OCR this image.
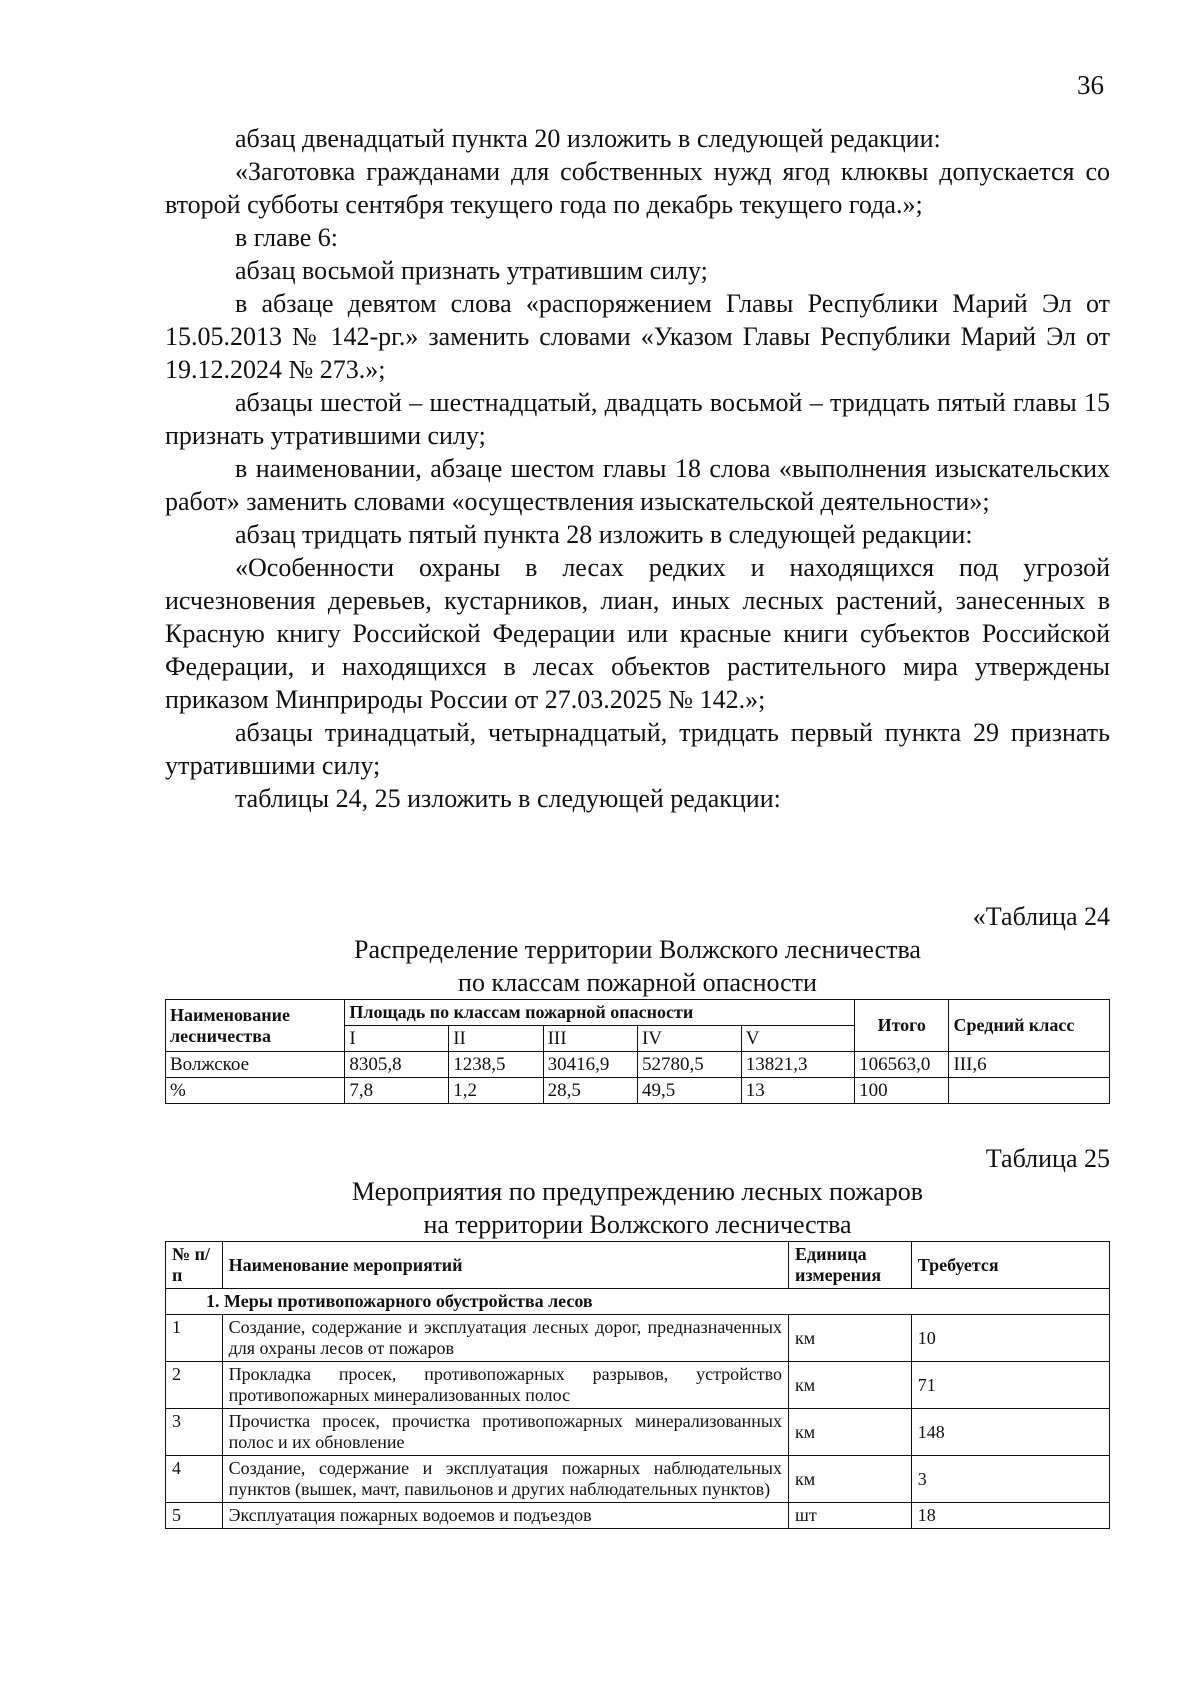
36

абзац двенадцатый пункта 20 изложить в следующей редакции:

«Заготовка гражданами для собственных нужд ягод клюквы допускается со второй субботы сентября текущего года по декабрь текущего года.»;

в главе 6:

абзац восьмой признать утратившим силу;

в абзаце девятом слова «распоряжением Главы Республики Марий Эл от 15.05.2013 № 142-рг.» заменить словами «Указом Главы Республики Марий Эл от 19.12.2024 № 273.»;

абзацы шестой – шестнадцатый, двадцать восьмой – тридцать пятый главы 15 признать утратившими силу;

в наименовании, абзаце шестом главы 18 слова «выполнения изыскательских работ» заменить словами «осуществления изыскательской деятельности»;

абзац тридцать пятый пункта 28 изложить в следующей редакции:

«Особенности охраны в лесах редких и находящихся под угрозой исчезновения деревьев, кустарников, лиан, иных лесных растений, занесенных в Красную книгу Российской Федерации или красные книги субъектов Российской Федерации, и находящихся в лесах объектов растительного мира утверждены приказом Минприроды России от 27.03.2025 № 142.»;

абзацы тринадцатый, четырнадцатый, тридцать первый пункта 29 признать утратившими силу;

таблицы 24, 25 изложить в следующей редакции:

«Таблица 24
Распределение территории Волжского лесничества
по классам пожарной опасности
Наименование лесничества	Площадь по классам пожарной опасности					Итого	Средний класс
	I	II	III	IV	V		
Волжское	8305,8	1238,5	30416,9	52780,5	13821,3	106563,0	III,6
%	7,8	1,2	28,5	49,5	13	100	
Таблица 25
Мероприятия по предупреждению лесных пожаров
на территории Волжского лесничества
№ п/п	Наименование мероприятий	Единица измерения	Требуется
1. Меры противопожарного обустройства лесов			
1	Создание, содержание и эксплуатация лесных дорог, предназначенных для охраны лесов от пожаров	км	10
2	Прокладка просек, противопожарных разрывов, устройство противопожарных минерализованных полос	км	71
3	Прочистка просек, прочистка противопожарных минерализованных полос и их обновление	км	148
4	Создание, содержание и эксплуатация пожарных наблюдательных пунктов (вышек, мачт, павильонов и других наблюдательных пунктов)	км	3
5	Эксплуатация пожарных водоемов и подъездов	шт	18
